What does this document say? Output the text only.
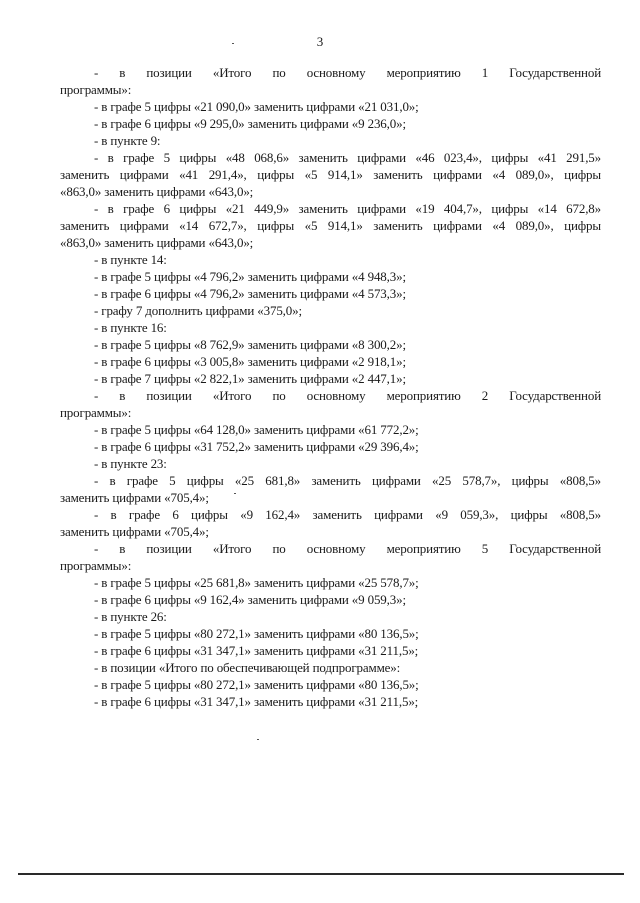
3
- в позиции «Итого по основному мероприятию 1 Государственной
программы»:
- в графе 5 цифры «21 090,0» заменить цифрами «21 031,0»;
- в графе 6 цифры «9 295,0» заменить цифрами «9 236,0»;
- в пункте 9:
- в графе 5 цифры «48 068,6» заменить цифрами «46 023,4», цифры «41 291,5»
заменить цифрами «41 291,4», цифры «5 914,1» заменить цифрами «4 089,0», цифры
«863,0» заменить цифрами «643,0»;
- в графе 6 цифры «21 449,9» заменить цифрами «19 404,7», цифры «14 672,8»
заменить цифрами «14 672,7», цифры «5 914,1» заменить цифрами «4 089,0», цифры
«863,0» заменить цифрами «643,0»;
- в пункте 14:
- в графе 5 цифры «4 796,2» заменить цифрами «4 948,3»;
- в графе 6 цифры «4 796,2» заменить цифрами «4 573,3»;
- графу 7 дополнить цифрами «375,0»;
- в пункте 16:
- в графе 5 цифры «8 762,9» заменить цифрами «8 300,2»;
- в графе 6 цифры «3 005,8» заменить цифрами «2 918,1»;
- в графе 7 цифры «2 822,1» заменить цифрами «2 447,1»;
- в позиции «Итого по основному мероприятию 2 Государственной
программы»:
- в графе 5 цифры «64 128,0» заменить цифрами «61 772,2»;
- в графе 6 цифры «31 752,2» заменить цифрами «29 396,4»;
- в пункте 23:
- в графе 5 цифры «25 681,8» заменить цифрами «25 578,7», цифры «808,5»
заменить цифрами «705,4»;
- в графе 6 цифры «9 162,4» заменить цифрами «9 059,3», цифры «808,5»
заменить цифрами «705,4»;
- в позиции «Итого по основному мероприятию 5 Государственной
программы»:
- в графе 5 цифры «25 681,8» заменить цифрами «25 578,7»;
- в графе 6 цифры «9 162,4» заменить цифрами «9 059,3»;
- в пункте 26:
- в графе 5 цифры «80 272,1» заменить цифрами «80 136,5»;
- в графе 6 цифры «31 347,1» заменить цифрами «31 211,5»;
- в позиции «Итого по обеспечивающей подпрограмме»:
- в графе 5 цифры «80 272,1» заменить цифрами «80 136,5»;
- в графе 6 цифры «31 347,1» заменить цифрами «31 211,5»;
